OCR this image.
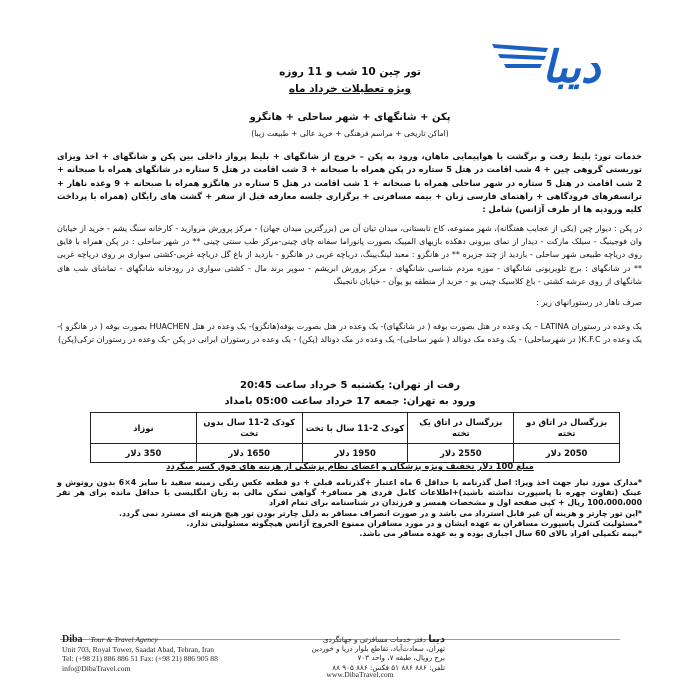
دیبا
تور چین 10 شب و 11 روزه
ویژه تعطیلات خرداد ماه
پکن + شانگهای + شهر ساحلی + هانگزو
(اماکن تاریخی + مراسم فرهنگی + خرید عالی + طبیعت زیبا)
خدمات تور: بلیط رفت و برگشت با هواپیمایی ماهان، ورود به پکن – خروج از شانگهای + بلیط پرواز داخلی بین پکن و شانگهای + اخذ ویزای توریستی گروهی چین + 4 شب اقامت در هتل 5 ستاره در پکن همراه با صبحانه + 3 شب اقامت در هتل 5 ستاره در شانگهای همراه با صبحانه + 2 شب اقامت در هتل 5 ستاره در شهر ساحلی همراه با صبحانه + 1 شب اقامت در هتل 5 ستاره در هانگزو همراه با صبحانه + 9 وعده ناهار + ترانسفرهای فرودگاهی + راهنمای فارسی زبان + بیمه مسافرتی + برگزاری جلسه معارفه قبل از سفر + گشت های رایگان (همراه با پرداخت کلیه ورودیه ها از طرف آژانس) شامل :
در پکن : دیوار چین (یکی از عجایب هفتگانه)، شهر ممنوعه، کاخ تابستانی، میدان تیان آن من (بزرگترین میدان جهان) - مرکز پرورش مروارید - کارخانه سنگ یشم - خرید از خیابان وان فوجینیگ - سیلک مارکت - دیدار از نمای بیرونی دهکده بازیهای المپیک بصورت پانوراما سفانه چای چینی-مرکز طب سنتی چینی ** در شهر ساحلی : در پکن همراه با قایق روی دریاچه طبیعی شهر ساحلی - بازدید از چند جزیره ** در هانگزو : معبد لینگ‌یینگ، دریاچه غربی در هانگزو - بازدید از باغ گل دریاچه غربی-کشتی سواری بر روی دریاچه غربی ** در شانگهای : برج تلویزیونی شانگهای - موزه مردم شناسی شانگهای - مرکز پرورش ابریشم - سوپر برند مال - کشتی سواری در رودخانه شانگهای - تماشای شب های شانگهای از روی عرشه کشتی - باغ کلاسیک چینی یو - خرید از منطقه یو یوآن - خیابان نانجینگ
صرف ناهار در رستورانهای زیر :
یک وعده در رستوران LATINA – یک وعده در هتل بصورت بوفه ( در شانگهای)- یک وعده در هتل بصورت بوفه(هانگزو)- یک وعده در هتل HUACHEN بصورت بوفه ( در هانگزو )-یک وعده در K.F.C( در شهرساحلی) - یک وعده مک دونالد ( شهر ساحلی)- یک وعده در مک دونالد (پکن) - یک وعده در رستوران ایرانی در پکن -یک وعده در رستوران ترکی(پکن)
رفت از تهران: یکشنبه 5 خرداد ساعت 20:45
ورود به تهران: جمعه 17 خرداد ساعت 05:00 بامداد
بزرگسال در اتاق دو تخته	بزرگسال در اتاق یک تخته	کودک 2-11 سال با تخت	کودک 2-11 سال بدون تخت	نوزاد
2050 دلار	2550 دلار	1950 دلار	1650 دلار	350 دلار
مبلغ 100 دلار تخفیف ویژه پزشکان و اعضای نظام پزشکی از هزینه های فوق کسر میگردد

*مدارک مورد نیاز جهت اخذ ویزا: اصل گذرنامه با حداقل 6 ماه اعتبار +گذرنامه قبلی + دو قطعه عکس رنگی زمینه سفید با سایز 4×6 بدون روتوش و عینک (تفاوت چهره با پاسپورت نداشته باشید)+اطلاعات کامل فردی هر مسافر+ گواهی تمکن مالی به زبان انگلیسی با حداقل مانده برای هر نفر 100،000،000 ریال + کپی صفحه اول و مشخصات همسر و فرزندان در شناسنامه برای تمام افراد

*این تور چارتر و هزینه آن غیر قابل استرداد می باشد و در صورت انصراف مسافر به دلیل چارتر بودن تور هیچ هزینه ای مسترد نمی گردد.

*مسئولیت کنترل پاسپورت مسافران به عهده ایشان و در مورد مسافران ممنوع الخروج آژانس هیچگونه مسئولیتی ندارد.

*بیمه تکمیلی افراد بالای 60 سال اجباری بوده و به عهده مسافر می باشد.

Diba Tour & Travel Agency
Unit 703, Royal Tower, Saadat Abad, Tehran, Iran
Tel: (+98 21) 886 886 51 Fax: (+98 21) 886 905 88
info@DibaTravel.com
دیبا دفتر خدمات مسافرتی و جهانگردی
تهران، سعادت‌آباد، تقاطع بلوار دریا و خوردین
برج رویال، طبقه ۷، واحد ۷۰۳
تلفن: ۸۸۶ ۸۸۶ ۵۱ فکس: ۸۸۶ ۹۰۵ ۸۸
www.DibaTravel.com
